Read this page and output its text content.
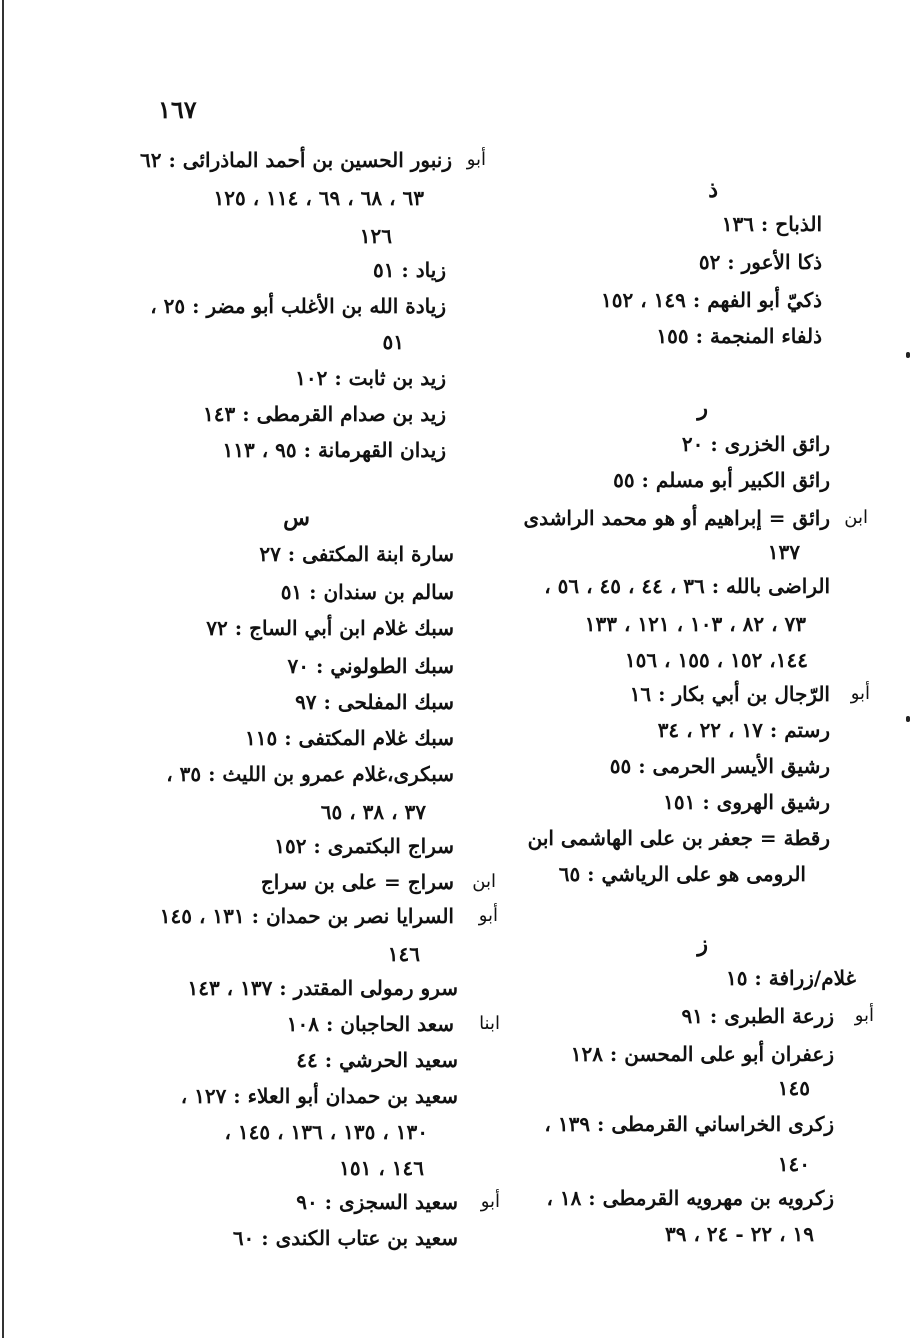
١٦٧
أبو
زنبور الحسين بن أحمد الماذرائى : ٦٢
٦٣ ، ٦٨ ، ٦٩ ، ١١٤ ، ١٢٥
١٢٦
زياد : ٥١
زيادة الله بن الأغلب أبو مضر : ٢٥ ،
٥١
زيد بن ثابت : ١٠٢
زيد بن صدام القرمطى : ١٤٣
زيدان القهرمانة : ٩٥ ، ١١٣
س
سارة ابنة المكتفى : ٢٧
سالم بن سندان : ٥١
سبك غلام ابن أبي الساج : ٧٢
سبك الطولوني : ٧٠
سبك المفلحى : ٩٧
سبك غلام المكتفى : ١١٥
سبكرى،غلام عمرو بن الليث : ٣٥ ،
٣٧ ، ٣٨ ، ٦٥
سراج البكتمرى : ١٥٢
ابن
سراج = على بن سراج
أبو
السرايا نصر بن حمدان : ١٣١ ، ١٤٥
١٤٦
سرو رمولى المقتدر : ١٣٧ ، ١٤٣
ابنا
سعد الحاجبان : ١٠٨
سعيد الحرشي : ٤٤
سعيد بن حمدان أبو العلاء : ١٢٧ ،
١٣٠ ، ١٣٥ ، ١٣٦ ، ١٤٥ ،
١٤٦ ، ١٥١
أبو
سعيد السجزى : ٩٠
سعيد بن عتاب الكندى : ٦٠
ذ
الذباح : ١٣٦
ذكا الأعور : ٥٢
ذكيّ أبو الفهم : ١٤٩ ، ١٥٢
ذلفاء المنجمة : ١٥٥
ر
رائق الخزرى : ٢٠
رائق الكبير أبو مسلم : ٥٥
ابن
رائق = إبراهيم أو هو محمد الراشدى
١٣٧
الراضى بالله : ٣٦ ، ٤٤ ، ٤٥ ، ٥٦ ،
٧٣ ، ٨٢ ، ١٠٣ ، ١٢١ ، ١٣٣
١٤٤، ١٥٢ ، ١٥٥ ، ١٥٦
أبو
الرّجال بن أبي بكار : ١٦
رستم : ١٧ ، ٢٢ ، ٣٤
رشيق الأيسر الحرمى : ٥٥
رشيق الهروى : ١٥١
رقطة = جعفر بن على الهاشمى ابن
الرومى هو على الرياشي : ٦٥
ز
غلام/زرافة : ١٥
أبو
زرعة الطبرى : ٩١
زعفران أبو على المحسن : ١٢٨
١٤٥
زكرى الخراساني القرمطى : ١٣٩ ،
١٤٠
زكرويه بن مهرويه القرمطى : ١٨ ،
١٩ ، ٢٢ - ٢٤ ، ٣٩
